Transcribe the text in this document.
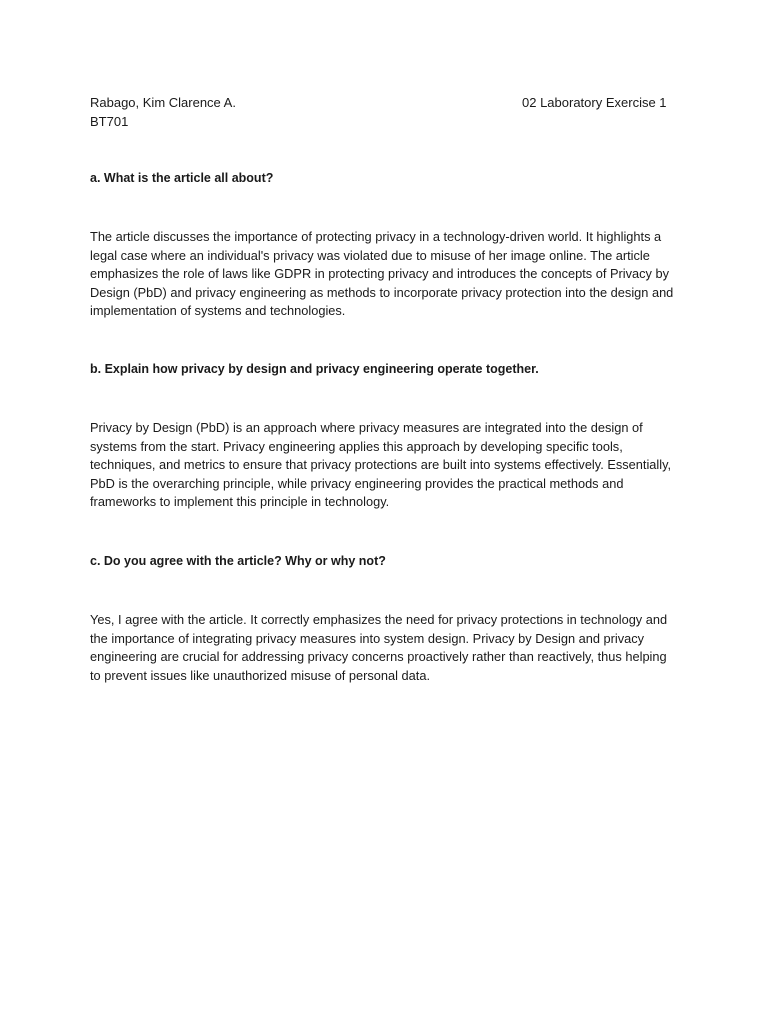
Rabago, Kim Clarence A.
BT701
02 Laboratory Exercise 1
a. What is the article all about?
The article discusses the importance of protecting privacy in a technology-driven world. It highlights a
legal case where an individual's privacy was violated due to misuse of her image online. The article
emphasizes the role of laws like GDPR in protecting privacy and introduces the concepts of Privacy by
Design (PbD) and privacy engineering as methods to incorporate privacy protection into the design and
implementation of systems and technologies.
b. Explain how privacy by design and privacy engineering operate together.
Privacy by Design (PbD) is an approach where privacy measures are integrated into the design of
systems from the start. Privacy engineering applies this approach by developing specific tools,
techniques, and metrics to ensure that privacy protections are built into systems effectively. Essentially,
PbD is the overarching principle, while privacy engineering provides the practical methods and
frameworks to implement this principle in technology.
c. Do you agree with the article? Why or why not?
Yes, I agree with the article. It correctly emphasizes the need for privacy protections in technology and
the importance of integrating privacy measures into system design. Privacy by Design and privacy
engineering are crucial for addressing privacy concerns proactively rather than reactively, thus helping
to prevent issues like unauthorized misuse of personal data.
